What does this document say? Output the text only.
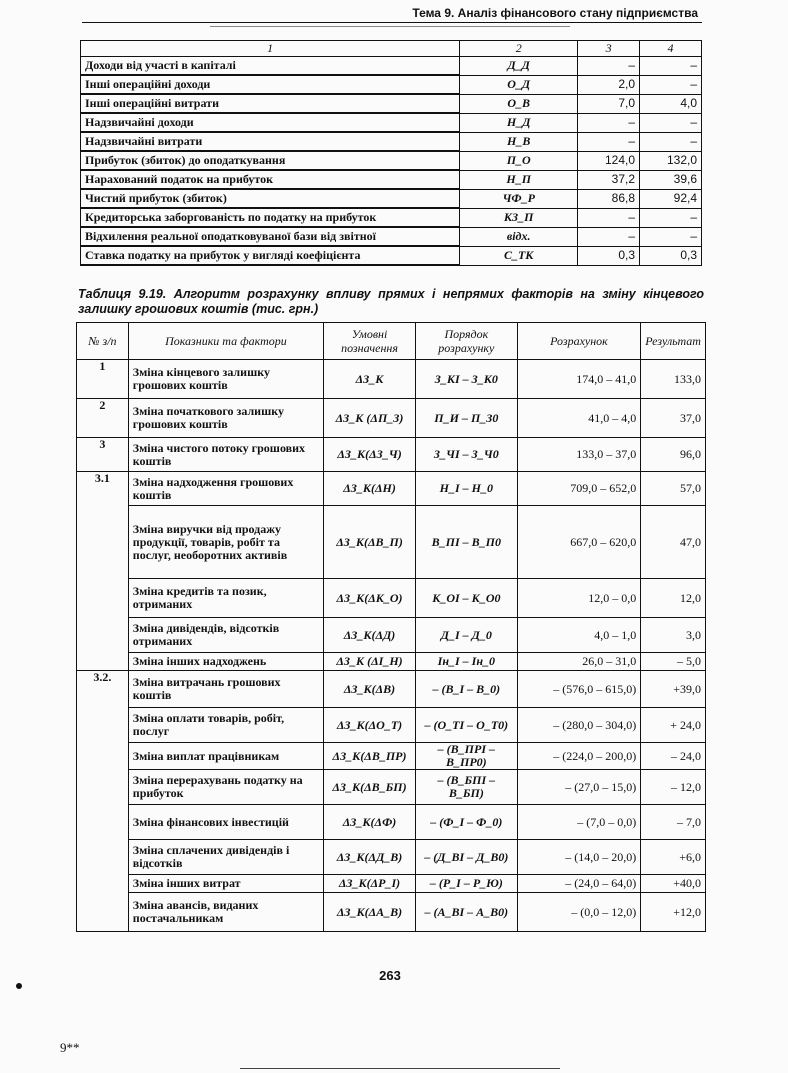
Тема 9. Аналіз фінансового стану підприємства
1	2	3	4
Доходи від участі в капіталі	Д_Д	–	–
Інші операційні доходи	О_Д	2,0	–
Інші операційні витрати	О_В	7,0	4,0
Надзвичайні доходи	Н_Д	–	–
Надзвичайні витрати	Н_В	–	–
Прибуток (збиток) до оподаткування	П_О	124,0	132,0
Нарахований податок на прибуток	Н_П	37,2	39,6
Чистий прибуток (збиток)	ЧФ_Р	86,8	92,4
Кредиторська заборгованість по податку на прибуток	КЗ_П	–	–
Відхилення реальної оподатковуваної бази від звітної	відх.	–	–
Ставка податку на прибуток у вигляді коефіцієнта	С_ТК	0,3	0,3
Таблиця 9.19. Алгоритм розрахунку впливу прямих і непрямих факторів на зміну кінцевого залишку грошових коштів (тис. грн.)
№ з/п	Показники та фактори	Умовні позначення	Порядок розрахунку	Розрахунок	Результат
1	Зміна кінцевого залишку грошових коштів	ΔЗ_К	З_КІ – З_К0	174,0 – 41,0	133,0
2	Зміна початкового залишку грошових коштів	ΔЗ_К (ΔП_З)	П_И – П_З0	41,0 – 4,0	37,0
3	Зміна чистого потоку грошових коштів	ΔЗ_К(ΔЗ_Ч)	З_ЧІ – З_Ч0	133,0 – 37,0	96,0
3.1	Зміна надходження грошових коштів	ΔЗ_К(ΔН)	Н_І – Н_0	709,0 – 652,0	57,0
	Зміна виручки від продажу продукції, товарів, робіт та послуг, необоротних активів	ΔЗ_К(ΔВ_П)	В_ПІ – В_П0	667,0 – 620,0	47,0
	Зміна кредитів та позик, отриманих	ΔЗ_К(ΔК_О)	К_ОІ – К_О0	12,0 – 0,0	12,0
	Зміна дивідендів, відсотків отриманих	ΔЗ_К(ΔД)	Д_І – Д_0	4,0 – 1,0	3,0
	Зміна інших надходжень	ΔЗ_К (ΔІ_Н)	Ін_І – Ін_0	26,0 – 31,0	– 5,0
3.2.	Зміна витрачань грошових коштів	ΔЗ_К(ΔВ)	– (В_І – В_0)	– (576,0 – 615,0)	+39,0
	Зміна оплати товарів, робіт, послуг	ΔЗ_К(ΔО_Т)	– (О_ТІ – О_Т0)	– (280,0 – 304,0)	+ 24,0
	Зміна виплат працівникам	ΔЗ_К(ΔВ_ПР)	– (В_ПРІ – В_ПР0)	– (224,0 – 200,0)	– 24,0
	Зміна перерахувань податку на прибуток	ΔЗ_К(ΔВ_БП)	– (В_БПІ – В_БП)	– (27,0 – 15,0)	– 12,0
	Зміна фінансових інвестицій	ΔЗ_К(ΔФ)	– (Ф_І – Ф_0)	– (7,0 – 0,0)	– 7,0
	Зміна сплачених дивідендів і відсотків	ΔЗ_К(ΔД_В)	– (Д_ВІ – Д_В0)	– (14,0 – 20,0)	+6,0
	Зміна інших витрат	ΔЗ_К(ΔР_І)	– (Р_І – Р_Ю)	– (24,0 – 64,0)	+40,0
	Зміна авансів, виданих постачальникам	ΔЗ_К(ΔА_В)	– (А_ВІ – А_В0)	– (0,0 – 12,0)	+12,0
263
9**
